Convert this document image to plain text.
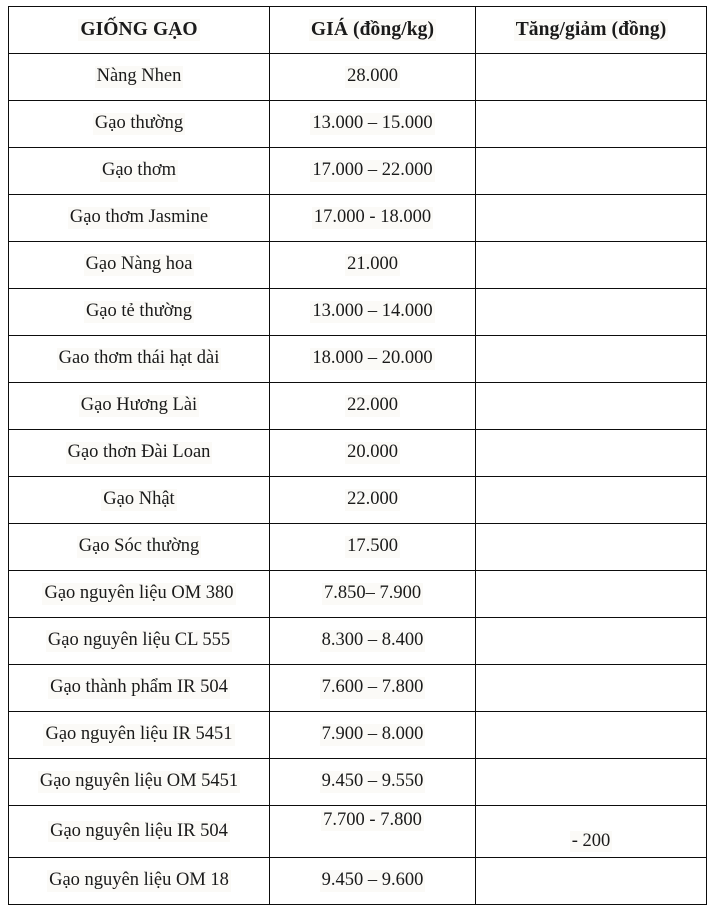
GIỐNG GẠO	GIÁ (đồng/kg)	Tăng/giảm (đồng)
Nàng Nhen	28.000	
Gạo thường	13.000 – 15.000	
Gạo thơm	17.000 – 22.000	
Gạo thơm Jasmine	17.000 - 18.000	
Gạo Nàng hoa	21.000	
Gạo tẻ thường	13.000 – 14.000	
Gao thơm thái hạt dài	18.000 – 20.000	
Gạo Hương Lài	22.000	
Gạo thơn Đài Loan	20.000	
Gạo Nhật	22.000	
Gạo Sóc thường	17.500	
Gạo nguyên liệu OM 380	7.850– 7.900	
Gạo nguyên liệu CL 555	8.300 – 8.400	
Gạo thành phẩm IR 504	7.600 – 7.800	
Gạo nguyên liệu IR 5451	7.900 – 8.000	
Gạo nguyên liệu OM 5451	9.450 – 9.550	
Gạo nguyên liệu IR 504	7.700 - 7.800	- 200
Gạo nguyên liệu OM 18	9.450 – 9.600	
